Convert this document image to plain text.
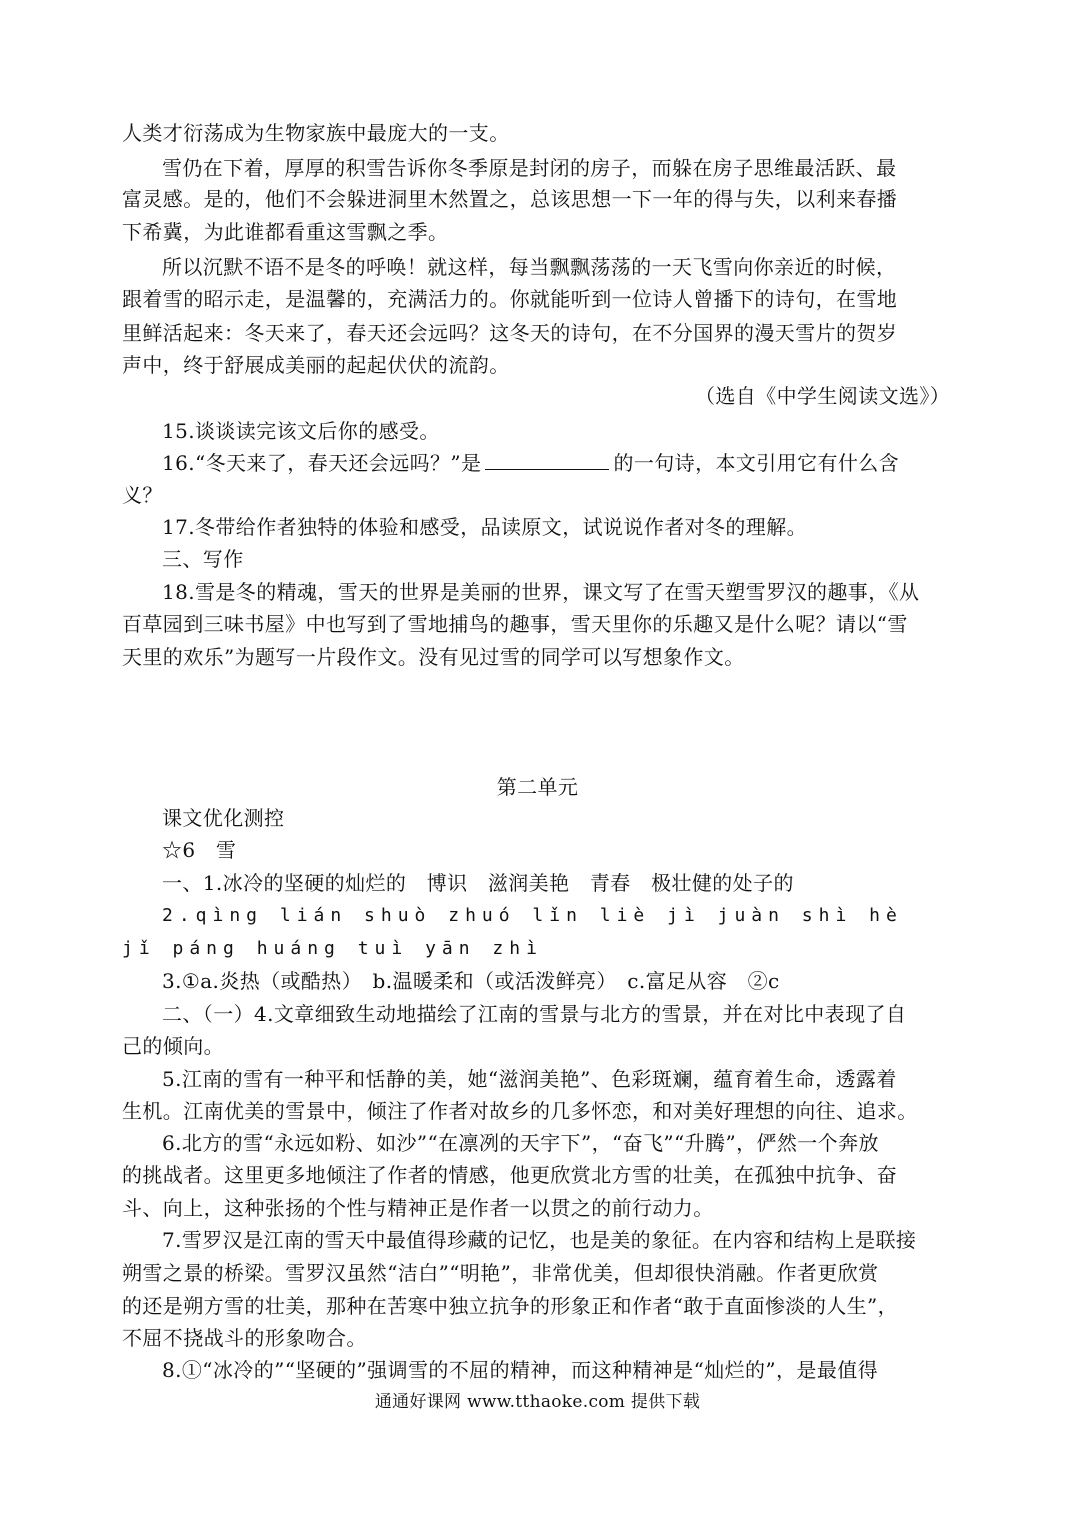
人类才衍荡成为生物家族中最庞大的一支。
雪仍在下着，厚厚的积雪告诉你冬季原是封闭的房子，而躲在房子思维最活跃、最
富灵感。是的，他们不会躲进洞里木然置之，总该思想一下一年的得与失，以利来春播
下希冀，为此谁都看重这雪飘之季。
所以沉默不语不是冬的呼唤！就这样，每当飘飘荡荡的一天飞雪向你亲近的时候，
跟着雪的昭示走，是温馨的，充满活力的。你就能听到一位诗人曾播下的诗句，在雪地
里鲜活起来：冬天来了，春天还会远吗？这冬天的诗句，在不分国界的漫天雪片的贺岁
声中，终于舒展成美丽的起起伏伏的流韵。
（选自《中学生阅读文选》）
15.谈谈读完该文后你的感受。
16.“冬天来了，春天还会远吗？”是	的一句诗，本文引用它有什么含
义？
17.冬带给作者独特的体验和感受，品读原文，试说说作者对冬的理解。
三、写作
18.雪是冬的精魂，雪天的世界是美丽的世界，课文写了在雪天塑雪罗汉的趣事，《从
百草园到三味书屋》中也写到了雪地捕鸟的趣事，雪天里你的乐趣又是什么呢？请以“雪
天里的欢乐”为题写一片段作文。没有见过雪的同学可以写想象作文。
第二单元
课文优化测控
☆6　雪
一、1.冰冷的坚硬的灿烂的　博识　滋润美艳　青春　极壮健的处子的
2.qìng lián shuò zhuó lǐn liè jì juàn shì hè
jǐ páng huáng tuì yān zhì
3.①a.炎热（或酷热）　b.温暖柔和（或活泼鲜亮）　c.富足从容　②c
二、（一）4.文章细致生动地描绘了江南的雪景与北方的雪景，并在对比中表现了自
己的倾向。
5.江南的雪有一种平和恬静的美，她“滋润美艳”、色彩斑斓，蕴育着生命，透露着
生机。江南优美的雪景中，倾注了作者对故乡的几多怀恋，和对美好理想的向往、追求。
6.北方的雪“永远如粉、如沙”“在凛冽的天宇下”，“奋飞”“升腾”，俨然一个奔放
的挑战者。这里更多地倾注了作者的情感，他更欣赏北方雪的壮美，在孤独中抗争、奋
斗、向上，这种张扬的个性与精神正是作者一以贯之的前行动力。
7.雪罗汉是江南的雪天中最值得珍藏的记忆，也是美的象征。在内容和结构上是联接
朔雪之景的桥梁。雪罗汉虽然“洁白”“明艳”，非常优美，但却很快消融。作者更欣赏
的还是朔方雪的壮美，那种在苦寒中独立抗争的形象正和作者“敢于直面惨淡的人生”，
不屈不挠战斗的形象吻合。
8.①“冰冷的”“坚硬的”强调雪的不屈的精神，而这种精神是“灿烂的”，是最值得
通通好课网 www.tthaoke.com 提供下载
